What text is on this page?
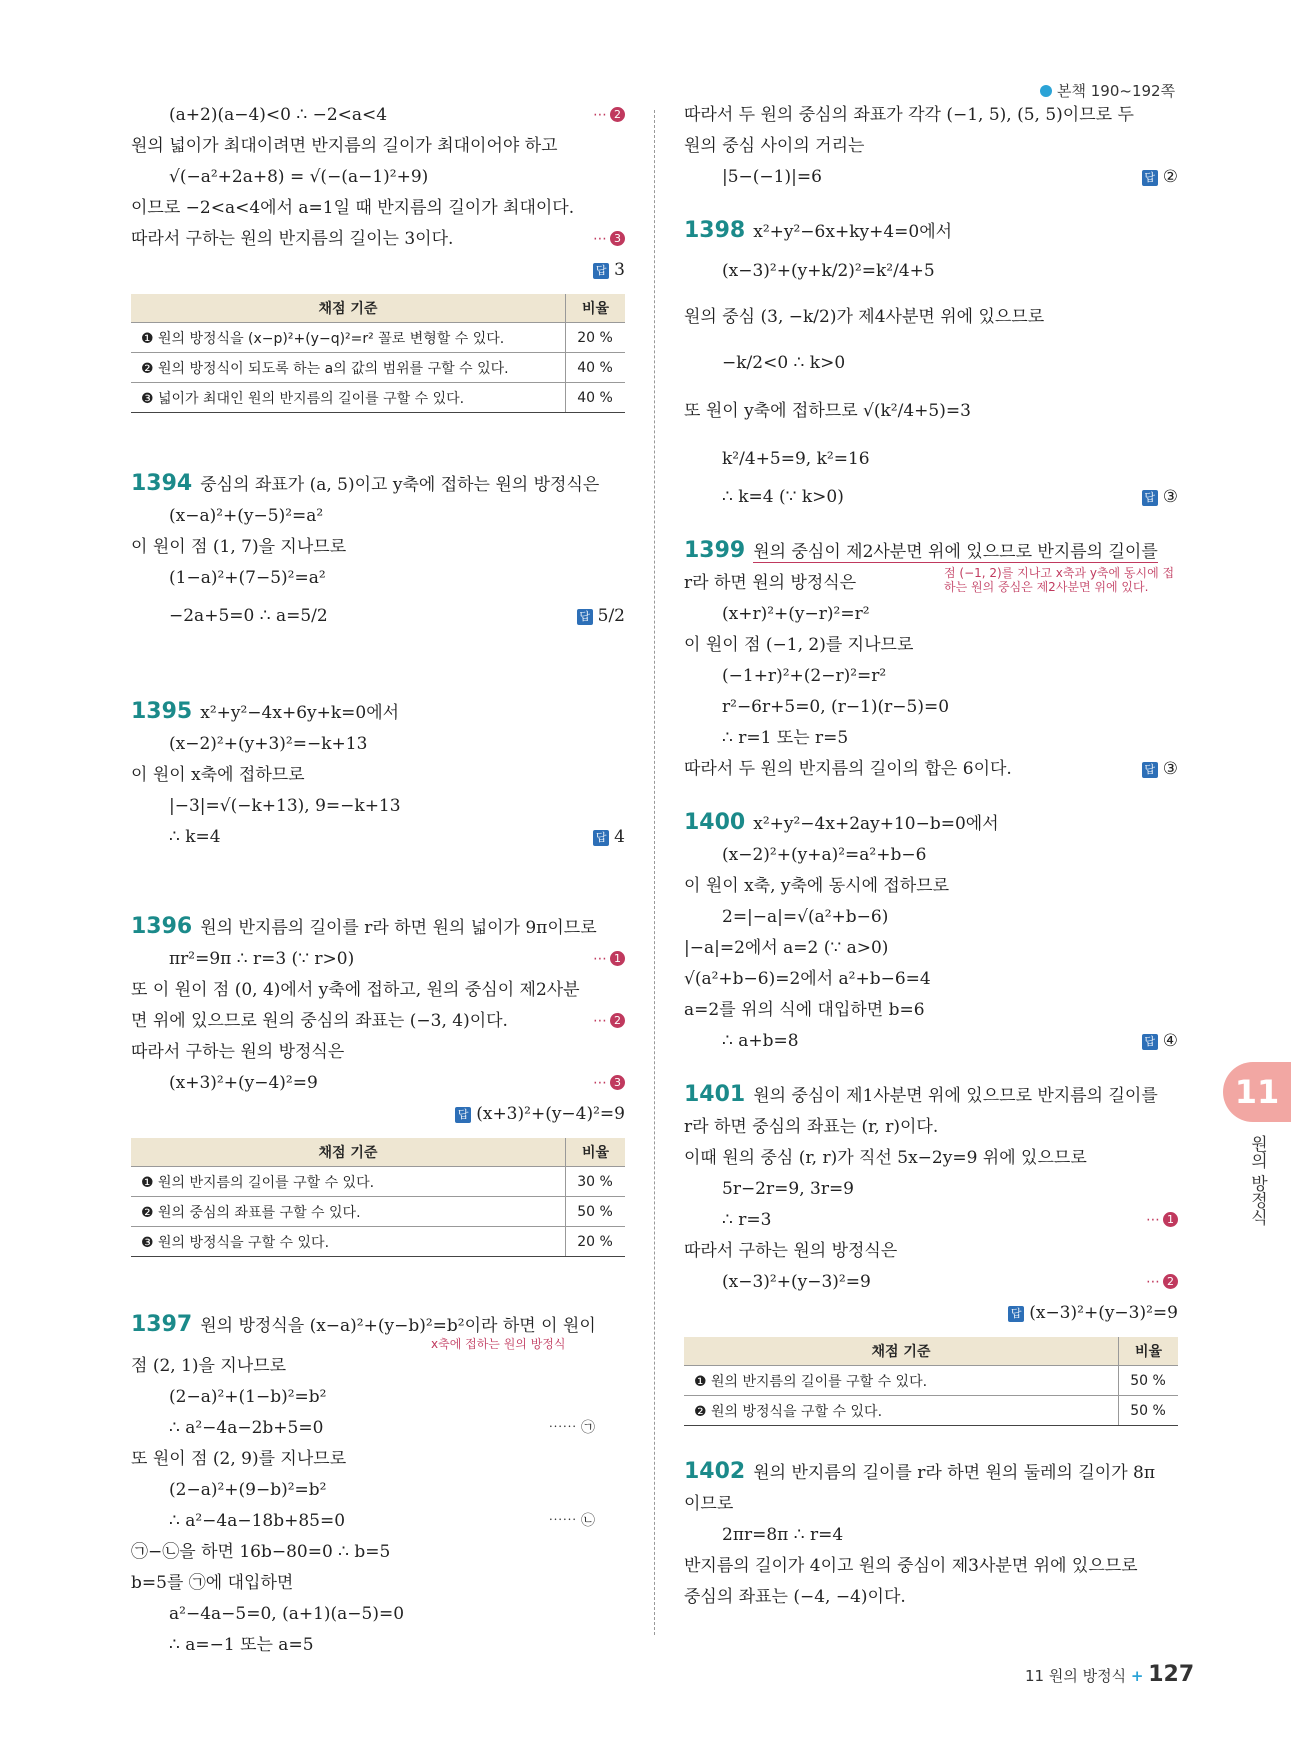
본책 190~192쪽
(a+2)(a−4)<0 ∴ −2<a<4	⋯ 2
원의 넓이가 최대이려면 반지름의 길이가 최대이어야 하고
√(−a²+2a+8) = √(−(a−1)²+9)
이므로 −2<a<4에서 a=1일 때 반지름의 길이가 최대이다.
따라서 구하는 원의 반지름의 길이는 3이다.	⋯ 3
답 3
채점 기준	비율
❶ 원의 방정식을 (x−p)²+(y−q)²=r² 꼴로 변형할 수 있다.	20 %
❷ 원의 방정식이 되도록 하는 a의 값의 범위를 구할 수 있다.	40 %
❸ 넓이가 최대인 원의 반지름의 길이를 구할 수 있다.	40 %
1394 중심의 좌표가 (a, 5)이고 y축에 접하는 원의 방정식은
(x−a)²+(y−5)²=a²
이 원이 점 (1, 7)을 지나므로
(1−a)²+(7−5)²=a²
−2a+5=0 ∴ a=5/2	답 5/2
1395 x²+y²−4x+6y+k=0에서
(x−2)²+(y+3)²=−k+13
이 원이 x축에 접하므로
|−3|=√(−k+13), 9=−k+13
∴ k=4	답 4
1396 원의 반지름의 길이를 r라 하면 원의 넓이가 9π이므로
πr²=9π ∴ r=3 (∵ r>0)	⋯ 1
또 이 원이 점 (0, 4)에서 y축에 접하고, 원의 중심이 제2사분
면 위에 있으므로 원의 중심의 좌표는 (−3, 4)이다.	⋯ 2
따라서 구하는 원의 방정식은
(x+3)²+(y−4)²=9	⋯ 3
답 (x+3)²+(y−4)²=9
채점 기준	비율
❶ 원의 반지름의 길이를 구할 수 있다.	30 %
❷ 원의 중심의 좌표를 구할 수 있다.	50 %
❸ 원의 방정식을 구할 수 있다.	20 %
1397 원의 방정식을 (x−a)²+(y−b)²=b²이라 하면 이 원이
x축에 접하는 원의 방정식
점 (2, 1)을 지나므로
(2−a)²+(1−b)²=b²
∴ a²−4a−2b+5=0	⋯⋯ ㉠
또 원이 점 (2, 9)를 지나므로
(2−a)²+(9−b)²=b²
∴ a²−4a−18b+85=0	⋯⋯ ㉡
㉠−㉡을 하면 16b−80=0 ∴ b=5
b=5를 ㉠에 대입하면
a²−4a−5=0, (a+1)(a−5)=0
∴ a=−1 또는 a=5
따라서 두 원의 중심의 좌표가 각각 (−1, 5), (5, 5)이므로 두
원의 중심 사이의 거리는
|5−(−1)|=6	답 ②
1398 x²+y²−6x+ky+4=0에서
(x−3)²+(y+k/2)²=k²/4+5
원의 중심 (3, −k/2)가 제4사분면 위에 있으므로
−k/2<0 ∴ k>0
또 원이 y축에 접하므로 √(k²/4+5)=3
k²/4+5=9, k²=16
∴ k=4 (∵ k>0)	답 ③
1399 원의 중심이 제2사분면 위에 있으므로 반지름의 길이를
r라 하면 원의 방정식은	점 (−1, 2)를 지나고 x축과 y축에 동시에 접하는 원의 중심은 제2사분면 위에 있다.
(x+r)²+(y−r)²=r²
이 원이 점 (−1, 2)를 지나므로
(−1+r)²+(2−r)²=r²
r²−6r+5=0, (r−1)(r−5)=0
∴ r=1 또는 r=5
따라서 두 원의 반지름의 길이의 합은 6이다.	답 ③
1400 x²+y²−4x+2ay+10−b=0에서
(x−2)²+(y+a)²=a²+b−6
이 원이 x축, y축에 동시에 접하므로
2=|−a|=√(a²+b−6)
|−a|=2에서 a=2 (∵ a>0)
√(a²+b−6)=2에서 a²+b−6=4
a=2를 위의 식에 대입하면 b=6
∴ a+b=8	답 ④
1401 원의 중심이 제1사분면 위에 있으므로 반지름의 길이를
r라 하면 중심의 좌표는 (r, r)이다.
이때 원의 중심 (r, r)가 직선 5x−2y=9 위에 있으므로
5r−2r=9, 3r=9
∴ r=3	⋯ 1
따라서 구하는 원의 방정식은
(x−3)²+(y−3)²=9	⋯ 2
답 (x−3)²+(y−3)²=9
채점 기준	비율
❶ 원의 반지름의 길이를 구할 수 있다.	50 %
❷ 원의 방정식을 구할 수 있다.	50 %
1402 원의 반지름의 길이를 r라 하면 원의 둘레의 길이가 8π
이므로
2πr=8π ∴ r=4
반지름의 길이가 4이고 원의 중심이 제3사분면 위에 있으므로
중심의 좌표는 (−4, −4)이다.
11
원의 방정식
11 원의 방정식 + 127
